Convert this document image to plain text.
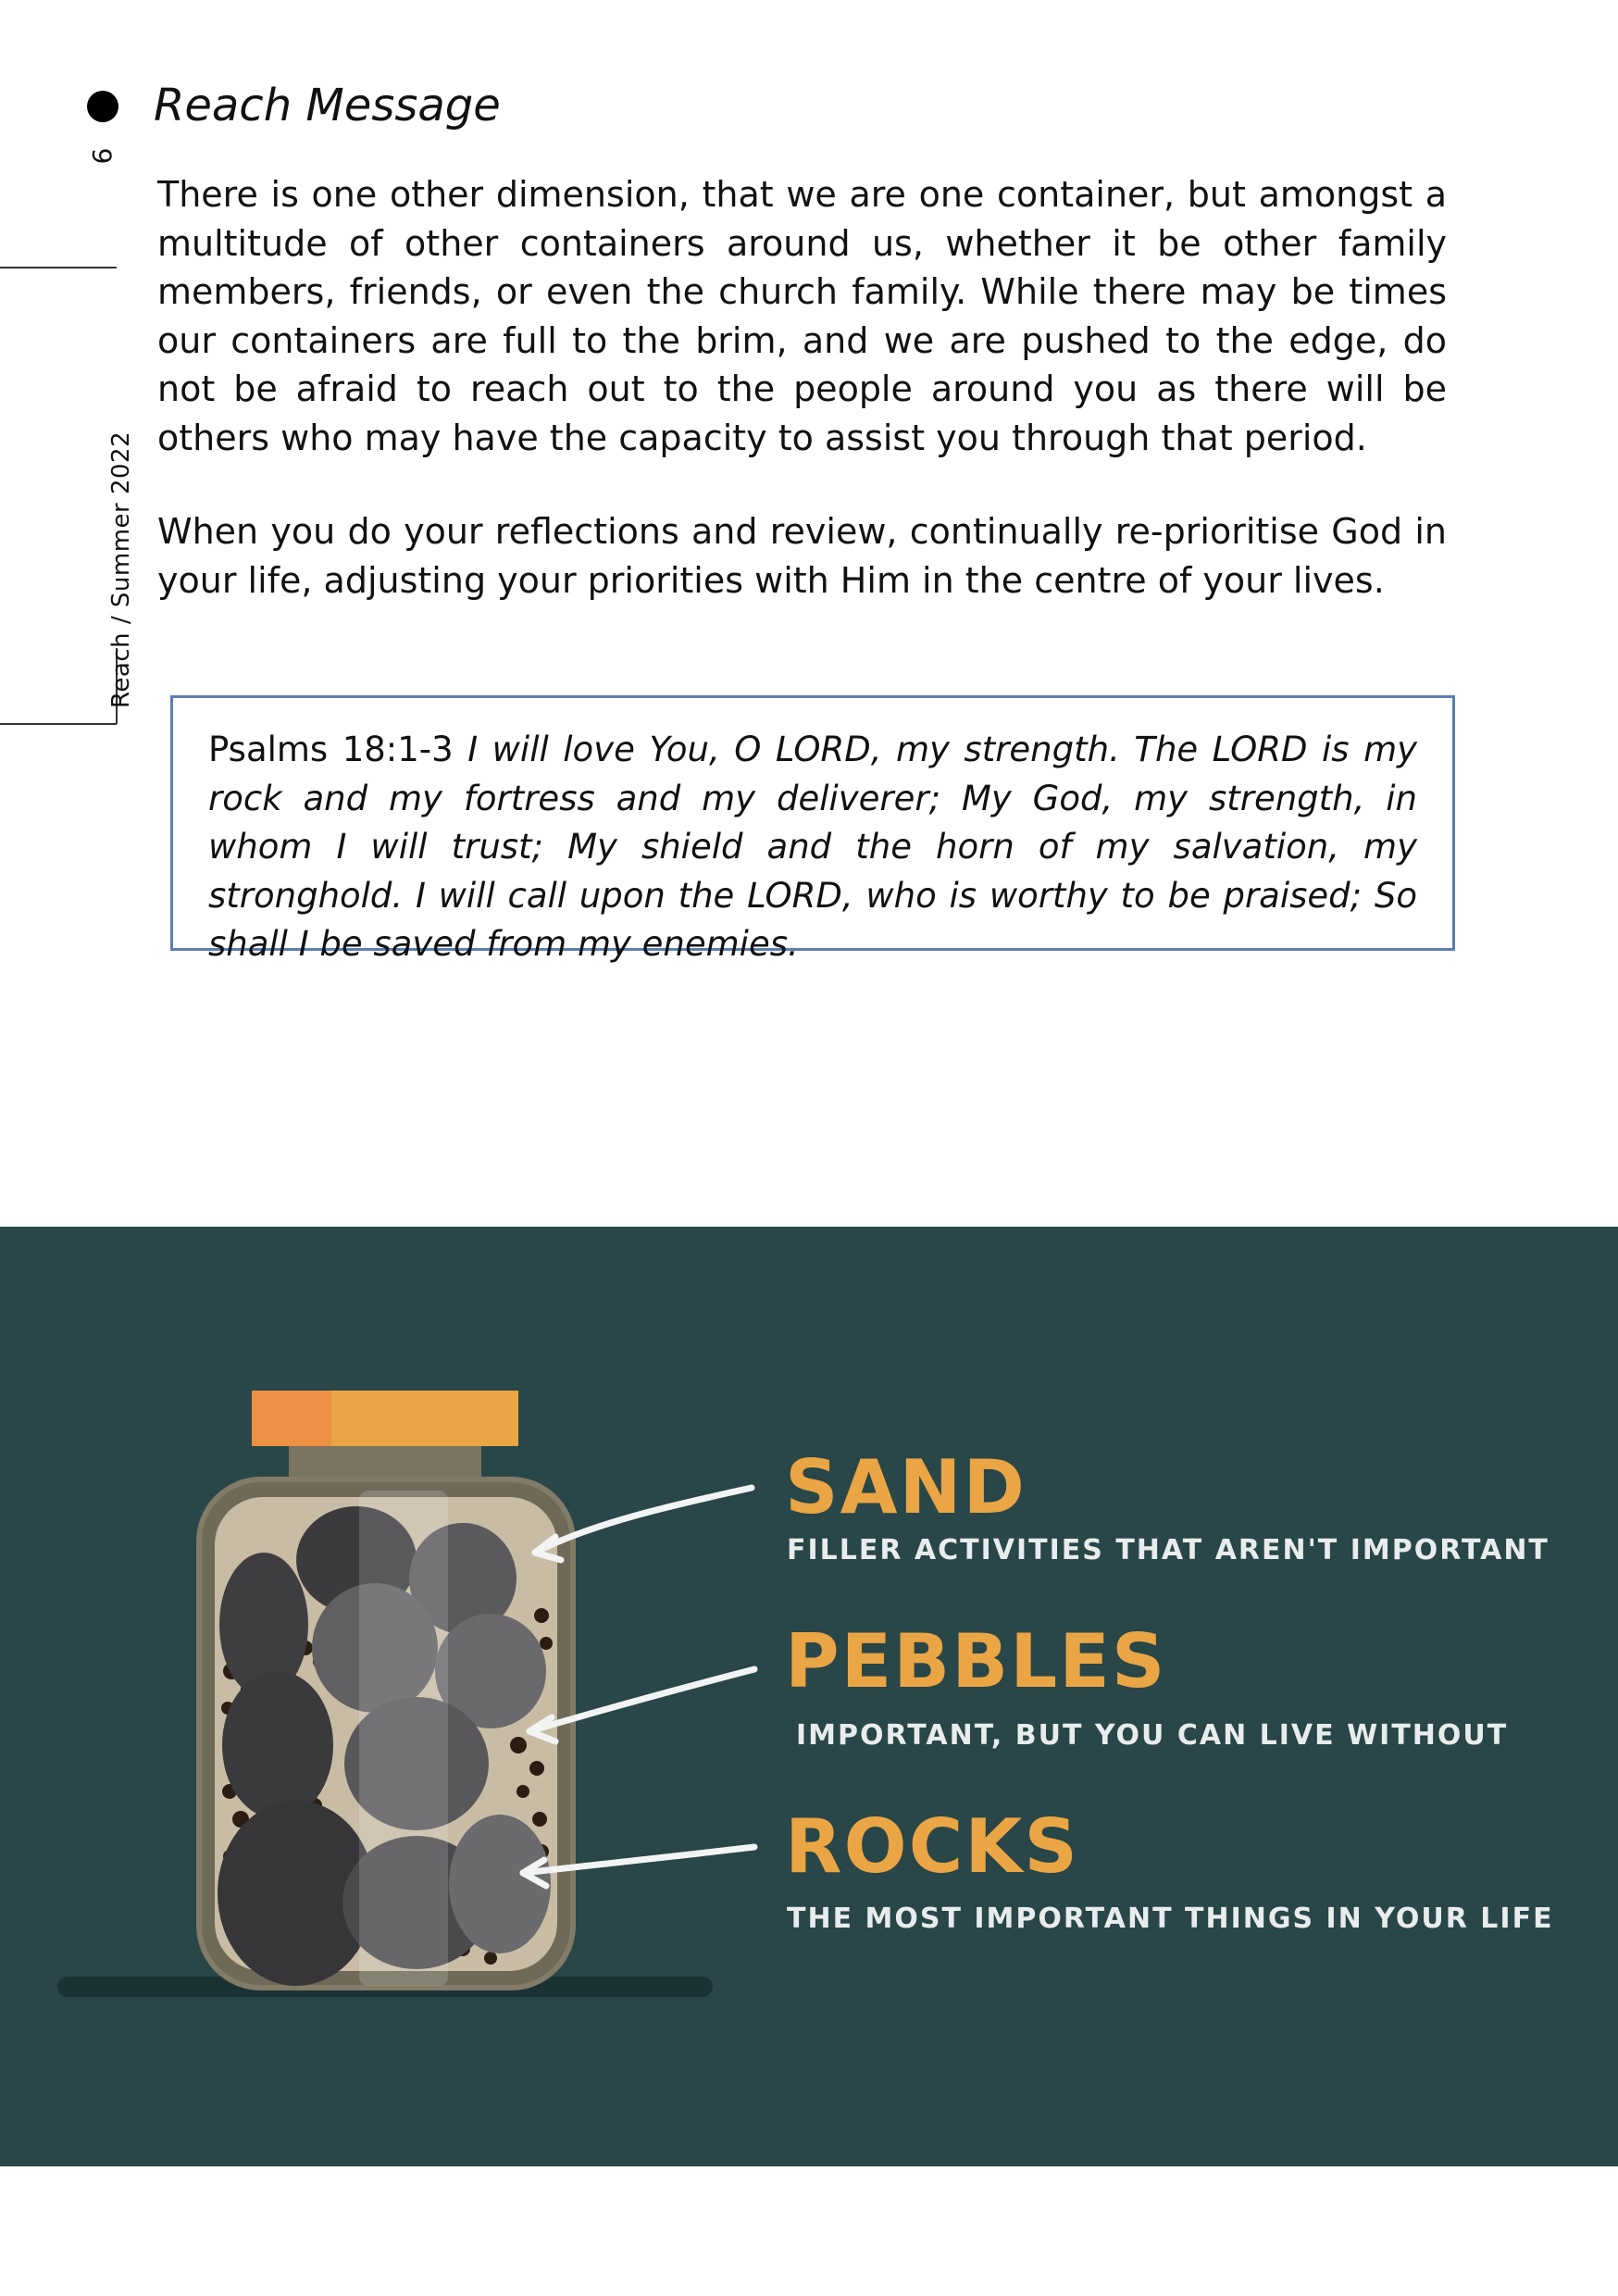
9
Reach / Summer 2022
Reach Message

There is one other dimension, that we are one container, but amongst a multitude of other containers around us, whether it be other family members, friends, or even the church family. While there may be times our containers are full to the brim, and we are pushed to the edge, do not be afraid to reach out to the people around you as there will be others who may have the capacity to assist you through that period.

When you do your reflections and review, continually re-prioritise God in your life, adjusting your priorities with Him in the centre of your lives.

Psalms 18:1-3 I will love You, O LORD, my strength. The LORD is my rock and my fortress and my deliverer; My God, my strength, in whom I will trust; My shield and the horn of my salvation, my stronghold. I will call upon the LORD, who is worthy to be praised; So shall I be saved from my enemies.

SAND
FILLER ACTIVITIES THAT AREN'T IMPORTANT
PEBBLES
IMPORTANT, BUT YOU CAN LIVE WITHOUT
ROCKS
THE MOST IMPORTANT THINGS IN YOUR LIFE
